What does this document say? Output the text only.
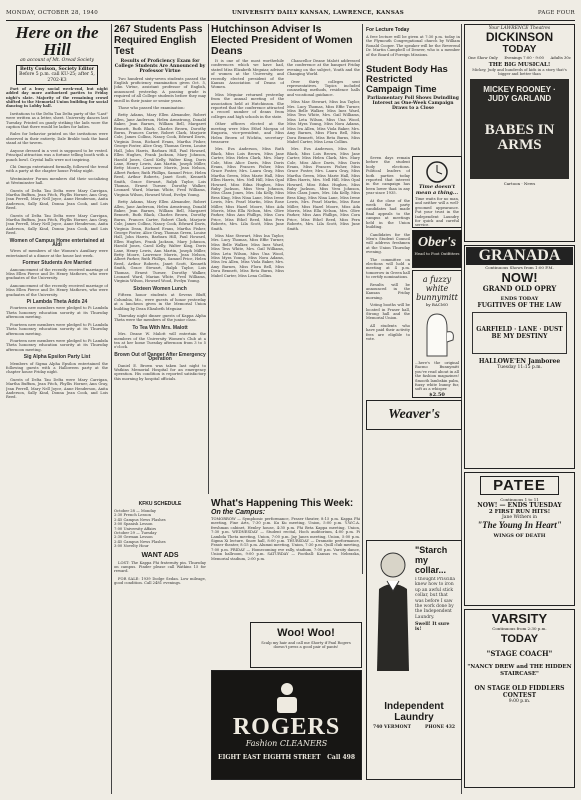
MONDAY, OCTOBER 28, 1940	UNIVERSITY DAILY KANSAN, LAWRENCE, KANSAS	PAGE FOUR
Here on the Hill
an account of Mt. Oread Society
Betty Coulson, Society Editor
Before 5 p.m. call KU-25; after 5, 2702-K3

Part of a busy social week-end, but night added day more authorized parties to Friday night's slate. Majority of the remaining crowd shifted to the Memorial Union building for social dancing in Lobby hall.

Invitations to the Delta Tau Delta party of the "Last" were written as a letter, sheet. University dances last Tuesday. Printed on gaudy striking the lads wore the caption that there would be ladies for ladies.

Rules for behavior printed on the invitations were observed in their entirety. Dale Brokle took the band stand at the tavern.

Anyone dressed in a vest is supposed to be vested. Principal attraction was a fortune telling booth with a punch bowl. Crystal balls were not inspiring.

Chi Omega entertained formally, followed the trend with a party at the chapter house Friday night.

Westminster Forum members did their socializing at Westminster hall.

Guests of Delta Tau Delta were Mary Carrigan, Martha Buffum, Jean Fitch, Phyllis Horner, Ann Gray, Jean Ferrell, Mary Nell Joyce, Anne Henderson, Anita Anderson, Sally Kind, Donna Jean Cook, and Lois Reed.

Guests of Delta Tau Delta were Mary Carrigan, Martha Buffum, Jean Fitch, Phyllis Horner, Ann Gray, Jean Ferrell, Mary Nell Joyce, Anne Henderson, Anita Anderson, Sally Kind, Donna Jean Cook, and Lois Reed.

Women of Campus Home entertained at Aldi

Wives of members of the Women's Auxiliary were entertained at a dinner at the house last week.

Former Students Are Married

Announcement of the recently received marriage of Miss Ellen Pierce and Dr. Henry Mathews, who were graduates of the University.

Announcement of the recently received marriage of Miss Ellen Pierce and Dr. Henry Mathews, who were graduates of the University.

Pi Lambda Theta Adds 24

Fourteen new members were pledged to Pi Lambda Theta honorary education sorority at its Thursday afternoon meeting.

Fourteen new members were pledged to Pi Lambda Theta honorary education sorority at its Thursday afternoon meeting.

Fourteen new members were pledged to Pi Lambda Theta honorary education sorority at its Thursday afternoon meeting.

Sig Alpha Epsilon Party List

Members of Sigma Alpha Epsilon entertained the following guests with a Halloween party at the chapter house Friday night.

Guests of Delta Tau Delta were Mary Carrigan, Martha Buffum, Jean Fitch, Phyllis Horner, Ann Gray, Jean Ferrell, Mary Nell Joyce, Anne Henderson, Anita Anderson, Sally Kind, Donna Jean Cook, and Lois Reed.

267 Students Pass Required English Test
Results of Proficiency Exam for College Students Are Announced by Professor Virtue

Two hundred sixty-seven students passed the English proficiency examination given Oct. 5, John Virtue, assistant professor of English, announced yesterday. A passing grade is required of all College students before they may enroll in their junior or senior years.

Those who passed the examination:

Betty Adams, Mary Ellen Alexander, Robert Allen, Jane Anderson, Helen Armstrong, Donald Baker, Jean Barnes, William Bell, Margaret Bennett, Ruth Black, Charles Brown, Dorothy Burns, Frances Carter, Robert Clark, Marjorie Cole, James Collins, Nancy Cook, Edward Davis, Virginia Dean, Richard Evans, Martha Fisher, George Foster, Alice Gray, Thomas Green, Louise Hall, John Harris, Barbara Hill, Paul Howard, Ellen Hughes, Frank Jackson, Mary Johnson, Harold Jones, Carol Kelly, Walter King, Doris Lane, Henry Lewis, Ann Martin, Joseph Miller, Betty Moore, Lawrence Morris, Jean Nelson, Albert Parker, Ruth Phillips, Samuel Price, Helen Reed, Arthur Roberts, Janet Scott, Kenneth Smith, Grace Stewart, Ralph Taylor, Lois Thomas, Ernest Turner, Dorothy Walker, Leonard Ward, Marian White, Fred Williams, Virginia Wilson, Howard Wood, Evelyn Young.

Betty Adams, Mary Ellen Alexander, Robert Allen, Jane Anderson, Helen Armstrong, Donald Baker, Jean Barnes, William Bell, Margaret Bennett, Ruth Black, Charles Brown, Dorothy Burns, Frances Carter, Robert Clark, Marjorie Cole, James Collins, Nancy Cook, Edward Davis, Virginia Dean, Richard Evans, Martha Fisher, George Foster, Alice Gray, Thomas Green, Louise Hall, John Harris, Barbara Hill, Paul Howard, Ellen Hughes, Frank Jackson, Mary Johnson, Harold Jones, Carol Kelly, Walter King, Doris Lane, Henry Lewis, Ann Martin, Joseph Miller, Betty Moore, Lawrence Morris, Jean Nelson, Albert Parker, Ruth Phillips, Samuel Price, Helen Reed, Arthur Roberts, Janet Scott, Kenneth Smith, Grace Stewart, Ralph Taylor, Lois Thomas, Ernest Turner, Dorothy Walker, Leonard Ward, Marian White, Fred Williams, Virginia Wilson, Howard Wood, Evelyn Young.

Sixteen Women Lunch

Fifteen honor students at Sevens Bluff, Columbia, Mo., were guests of honor yesterday at a luncheon given in the Memorial Union building by Dean Elizabeth Meguiar.

Thursday night dinner guests of Kappa Alpha Theta were the members of the junior class.

To Tea With Mrs. Malott

Mrs. Deane W. Malott will entertain the members of the University Women's Club at a tea at her home Tuesday afternoon from 3 to 5 o'clock.

Brown Out of Danger After Emergency Operation

Daniel E. Brown was taken last night to Watkins Memorial Hospital for an emergency operation. His condition is reported satisfactory this morning by hospital officials.

KFKU SCHEDULE
October 28 — Monday
2:30 French Lesson
2:45 Campus News Flashes
3:00 Spanish Lesson
7:00 University Affairs
October 29 — Tuesday
2:30 German Lesson
2:45 Campus News Flashes
3:00 Novelty Hour
WANT ADS

LOST: The Kappa Phi fraternity pin. Thursday on campus. Finder please call Watkins 15 for reward.

FOR SALE: 1939 Dodge Sedan. Low mileage, good condition. Call 2481 evenings.

Hutchinson Adviser Is Elected President of Women Deans

It is one of the most worthwhile conferences which we have had, stated Miss Elizabeth Meguiar, adviser of women at the University, and recently elected president of the Kansas Association of Deans of Women.

Miss Meguiar returned yesterday from the annual meeting of the association held at Hutchinson. She reported that the conference attracted a record number of deans from colleges and high schools in the state.

Other officers elected at the meeting were Miss Ethel Morgan of Emporia, vice-president, and Miss Helen Brown of Wichita, secretary-treasurer.

Mrs. Eva Anderson, Miss Ruth Black, Miss Lois Brown, Miss Jane Carter, Miss Helen Clark, Mrs. Mary Cole, Miss Alice Davis, Miss Doris Evans, Miss Frances Fisher, Miss Grace Foster, Mrs. Laura Gray, Miss Martha Green, Miss Marie Hall, Miss Ellen Harris, Mrs. Nell Hill, Miss Opal Howard, Miss Edna Hughes, Miss Ruby Jackson, Miss Vera Johnson, Miss Clara Jones, Mrs. Ida Kelly, Miss Bess King, Miss Nina Lane, Miss Irene Lewis, Mrs. Pearl Martin, Miss Rose Miller, Miss Hazel Moore, Miss Ada Morris, Miss Ella Nelson, Mrs. Olive Parker, Miss Ann Phillips, Miss Cora Price, Miss Ethel Reed, Miss Fern Roberts, Mrs. Lila Scott, Miss June Smith.

Miss Mae Stewart, Miss Ina Taylor, Mrs. Lucy Thomas, Miss Effie Turner, Miss Belle Walker, Miss Inez Ward, Miss Tess White, Mrs. Gail Williams, Miss Leta Wilson, Miss Una Wood, Miss Myra Young, Miss Nora Adams, Miss Iva Allen, Miss Viola Baker, Mrs. Amy Barnes, Miss Flora Bell, Miss Dora Bennett, Miss Reta Burns, Miss Mabel Carter, Miss Lena Collins.

Chancellor Deane Malott addressed the conference at the banquet Friday evening on the subject, Youth and the Changing World.

Over thirty colleges sent representatives. Topics included counseling methods, residence halls and vocational guidance.

Miss Mae Stewart, Miss Ina Taylor, Mrs. Lucy Thomas, Miss Effie Turner, Miss Belle Walker, Miss Inez Ward, Miss Tess White, Mrs. Gail Williams, Miss Leta Wilson, Miss Una Wood, Miss Myra Young, Miss Nora Adams, Miss Iva Allen, Miss Viola Baker, Mrs. Amy Barnes, Miss Flora Bell, Miss Dora Bennett, Miss Reta Burns, Miss Mabel Carter, Miss Lena Collins.

Mrs. Eva Anderson, Miss Ruth Black, Miss Lois Brown, Miss Jane Carter, Miss Helen Clark, Mrs. Mary Cole, Miss Alice Davis, Miss Doris Evans, Miss Frances Fisher, Miss Grace Foster, Mrs. Laura Gray, Miss Martha Green, Miss Marie Hall, Miss Ellen Harris, Mrs. Nell Hill, Miss Opal Howard, Miss Edna Hughes, Miss Ruby Jackson, Miss Vera Johnson, Miss Clara Jones, Mrs. Ida Kelly, Miss Bess King, Miss Nina Lane, Miss Irene Lewis, Mrs. Pearl Martin, Miss Rose Miller, Miss Hazel Moore, Miss Ada Morris, Miss Ella Nelson, Mrs. Olive Parker, Miss Ann Phillips, Miss Cora Price, Miss Ethel Reed, Miss Fern Roberts, Mrs. Lila Scott, Miss June Smith.

What's Happening This Week:
On the Campus:
TOMORROW — Symphonic performance, Fraser theater, 8:15 p.m. Kappa Phi meeting, Fine Arts, 7:30 p.m. Ku Ku meeting, Union, 5:00 p.m. Y.W.C.A. freshman cabinet, Henley house, 4:30 p.m. Phi Beta Kappa meeting, Union, 7:30 p.m. WEDNESDAY — Student recital, Hoch auditorium, 4:00 p.m. Pi Lambda Theta meeting, Union, 7:00 p.m. Jay Janes meeting, Union, 5:00 p.m. Sigma Xi lecture, Snow hall, 8:00 p.m. THURSDAY — Dramatic performance, Fraser theater, 8:15 p.m. Alumni meeting, Union, 7:30 p.m. Quill club meeting, 7:00 p.m. FRIDAY — Homecoming eve rally, stadium, 7:00 p.m. Varsity dance, Union ballroom, 9:00 p.m. SATURDAY — Football: Kansas vs. Nebraska, Memorial stadium, 2:00 p.m.
For Lecture Today
A free lecture will be given at 7:30 p.m. today in the Plymouth Congregational church by William Ronald Cooper. The speaker will be the Reverend Dr. Martin Campbell of Denver, who is a member of the Board of Foreign Missions.
Student Body Has Restricted Campaign Time
Parliamentary Poll Shows Dwindling Interest as One-Week Campaign Draws to a Close

Seven days remain before the student body elections. Political leaders of both parties today reported that interest in the campaign has been lower than in any year since 1935.

At the close of the week the party candidates had made final appeals to the campus at meetings held in the Union building.

Candidates for the Men's Student Council will address freshmen at the Union Thursday evening.

The committee on elections will hold a meeting at 4 p.m. tomorrow in Green hall to certify nominations.

Results will be announced in the Kansan Friday morning.

Voting booths will be located in Fraser hall, Strong hall and the Memorial Union.

All students who have paid their activity fees are eligible to vote.

Time doesn't mean a thing...
Time waits for no man, and neither will a well-groomed appearance. Put your trust in the Independent Laundry for quick and careful service.
Ober's
Head to Foot Outfitters
a fuzzy white bunnymitt
by BACMO
...here's the original Bacmo Bunnymitt you've read about in all the fashion magazines! Smooth lambskin palm, fuzzy white bunny fur, soft as a whisper.
$2.50
Weaver's
Woo! Woo!
Scalp my hair and call me Shorty if Paul Rogers doesn't press a good pair of pants!
ROGERS
Fashion CLEANERS
EIGHT EAST EIGHTH STREET Call 498
"Starch my collar...
I thought Priscilla knew how to iron up an awful stick collar, but that was before I saw the work done by the Independent Laundry.
Swell! It sure is!
Independent Laundry
740 VERMONT	PHONE 432
Your LAWRENCE Theatres
DICKINSON
TODAY
One Show Only Evenings 7:00 - 9:00 Adults 30c
THE BIG MUSICAL!
Mickey, Judy and hundreds of kids in a story that's bigger and better than
MICKEY ROONEY · JUDY GARLAND
BABES IN ARMS
Cartoon · News
GRANADA
Continuous Shows from 1:00 P.M.
NOW!
GRAND OLD OPRY
ENDS TODAY
FUGITIVES OF THE LAW
GARFIELD · LANE · DUST BE MY DESTINY
HALLOWE'EN Jamboree
Tuesday 11:15 p.m.
PATEE
Continuous 1 to 11
NOW! — ENDS TUESDAY
2 FIRST RUN HITS!
Jane Withers in
"The Young In Heart"
WINGS OF DEATH
VARSITY
Continuous from 2:30 p.m.
TODAY
"STAGE COACH"
"NANCY DREW and THE HIDDEN STAIRCASE"
ON STAGE OLD FIDDLERS CONTEST
9:00 p.m.
